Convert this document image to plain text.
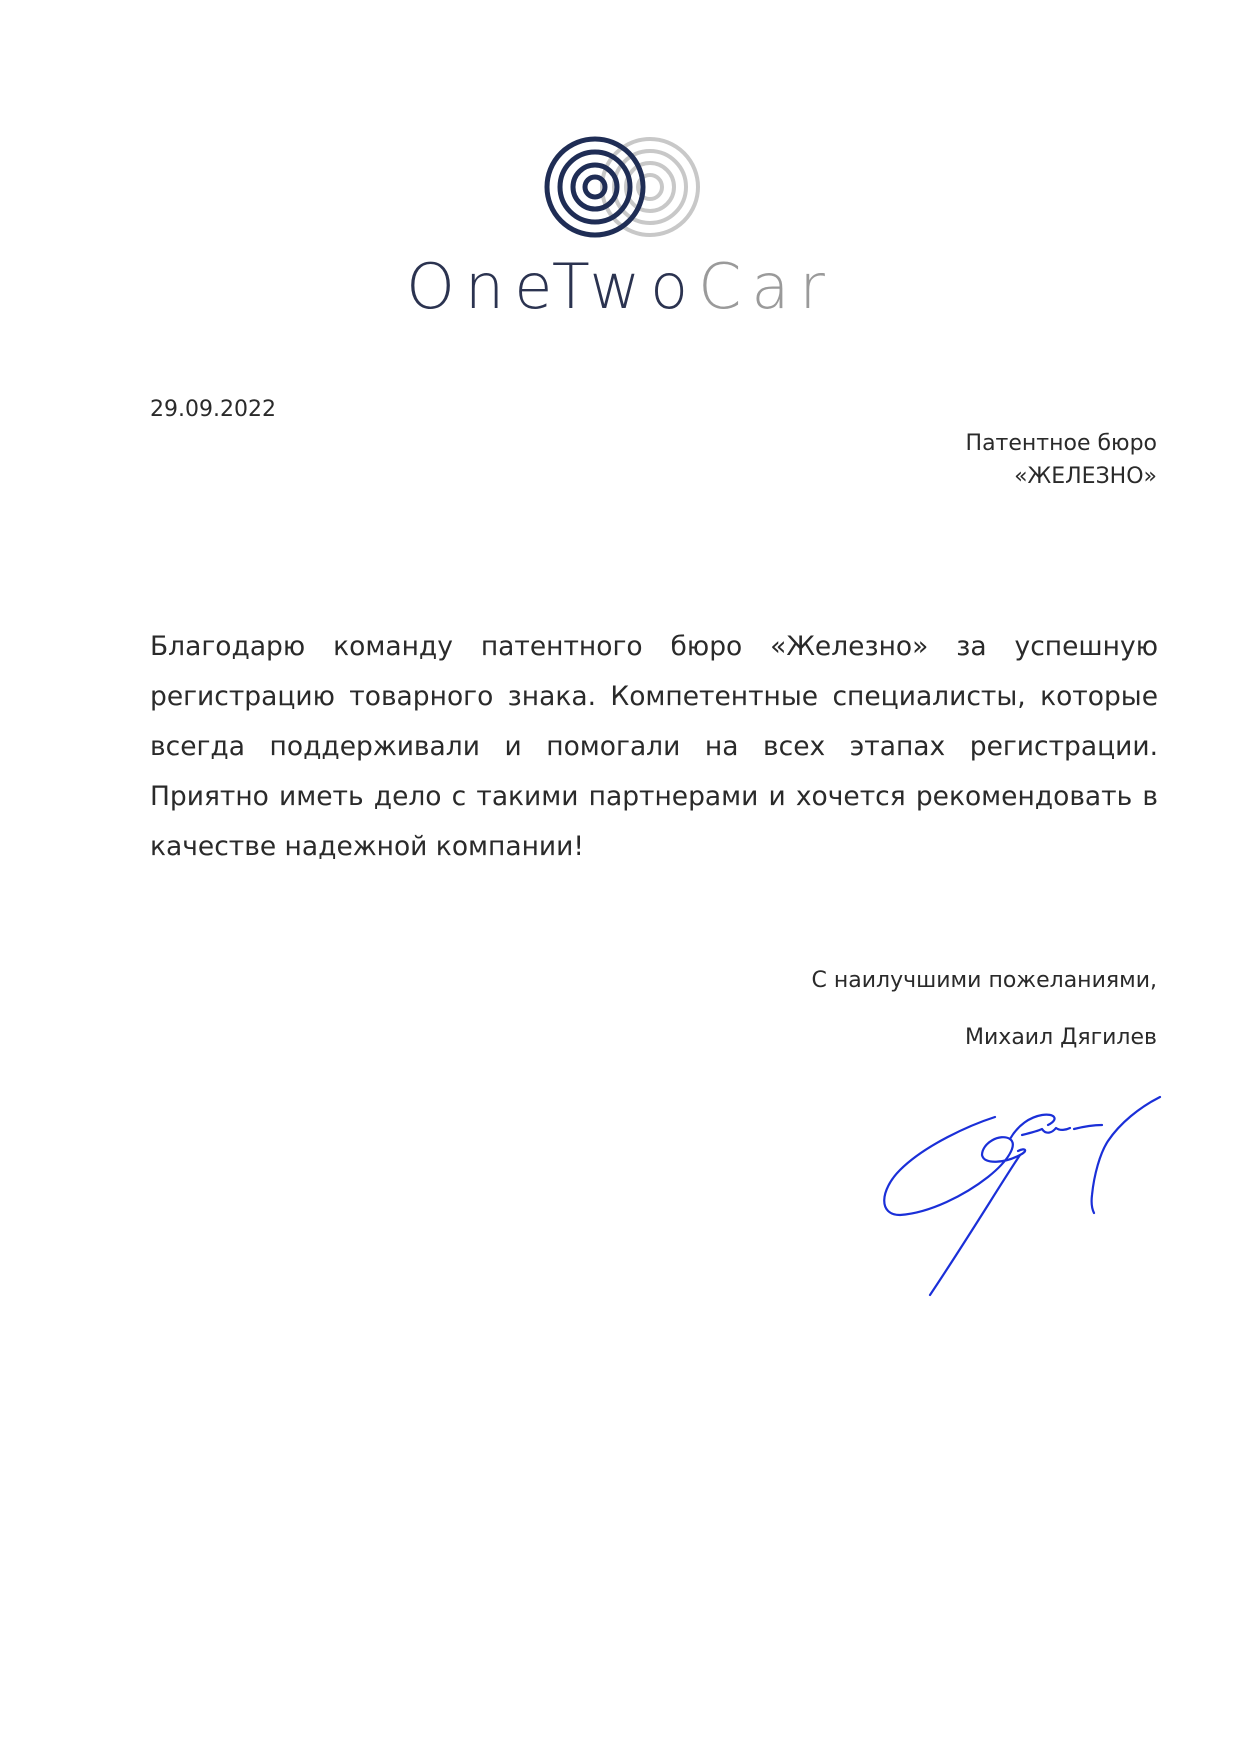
OneTwoCar
29.09.2022
Патентное бюро
«ЖЕЛЕЗНО»
Благодарю команду патентного бюро «Железно» за успешную регистрацию товарного знака. Компетентные специалисты, которые всегда поддерживали и помогали на всех этапах регистрации. Приятно иметь дело с такими партнерами и хочется рекомендовать в качестве надежной компании!
С наилучшими пожеланиями,
Михаил Дягилев
